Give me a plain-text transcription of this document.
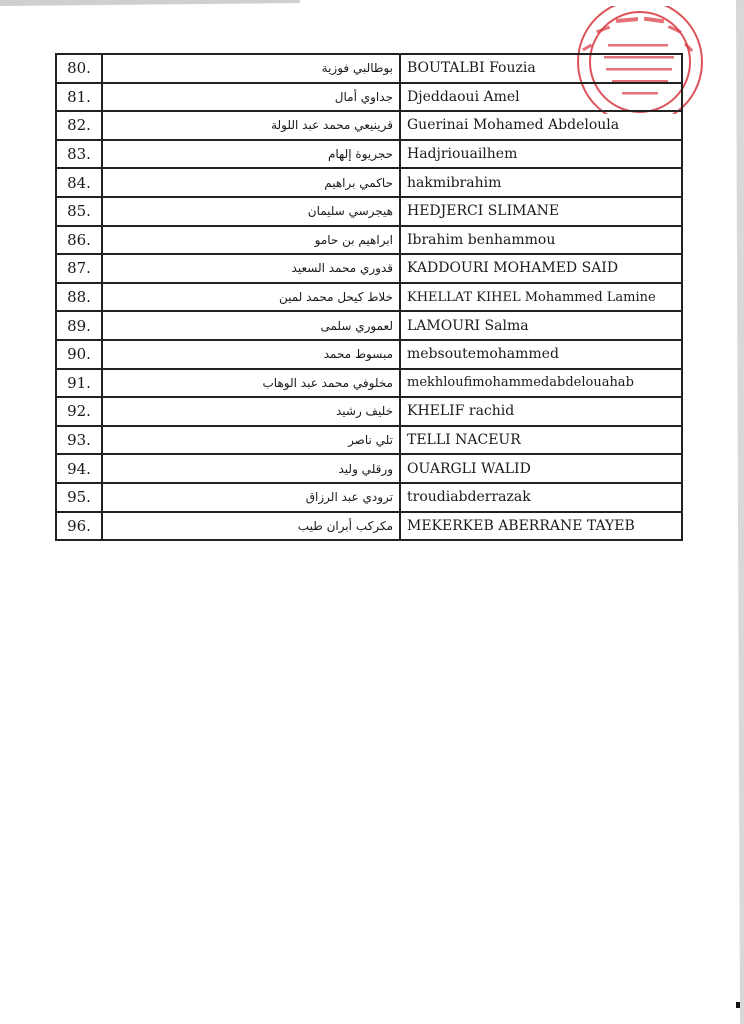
80.	بوطالبي فوزية	BOUTALBI Fouzia
81.	جداوي أمال	Djeddaoui Amel
82.	قرينيعي محمد عبد اللولة	Guerinai Mohamed Abdeloula
83.	حجريوة إلهام	Hadjriouailhem
84.	حاكمي براهيم	hakmibrahim
85.	هيجرسي سليمان	HEDJERCI SLIMANE
86.	ابراهيم بن حامو	Ibrahim benhammou
87.	قدوري محمد السعيد	KADDOURI MOHAMED SAID
88.	خلاط كيحل محمد لمين	KHELLAT KIHEL Mohammed Lamine
89.	لعموري سلمى	LAMOURI Salma
90.	مبسوط محمد	mebsoutemohammed
91.	مخلوفي محمد عبد الوهاب	mekhloufimohammedabdelouahab
92.	خليف رشيد	KHELIF rachid
93.	تلي ناصر	TELLI NACEUR
94.	ورقلي وليد	OUARGLI WALID
95.	ترودي عبد الرزاق	troudiabderrazak
96.	مكركب أبران طيب	MEKERKEB ABERRANE TAYEB
